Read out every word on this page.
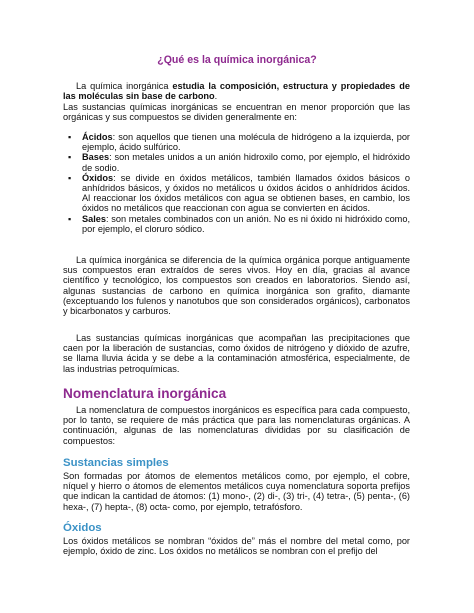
¿Qué es la química inorgánica?

La química inorgánica estudia la composición, estructura y propiedades de las moléculas sin base de carbono.

Las sustancias químicas inorgánicas se encuentran en menor proporción que las orgánicas y sus compuestos se dividen generalmente en:

▪ Ácidos: son aquellos que tienen una molécula de hidrógeno a la izquierda, por ejemplo, ácido sulfúrico.
▪ Bases: son metales unidos a un anión hidroxilo como, por ejemplo, el hidróxido de sodio.
▪ Óxidos: se divide en óxidos metálicos, también llamados óxidos básicos o anhídridos básicos, y óxidos no metálicos u óxidos ácidos o anhídridos ácidos. Al reaccionar los óxidos metálicos con agua se obtienen bases, en cambio, los óxidos no metálicos que reaccionan con agua se convierten en ácidos.
▪ Sales: son metales combinados con un anión. No es ni óxido ni hidróxido como, por ejemplo, el cloruro sódico.

La química inorgánica se diferencia de la química orgánica porque antiguamente sus compuestos eran extraídos de seres vivos. Hoy en día, gracias al avance científico y tecnológico, los compuestos son creados en laboratorios. Siendo así, algunas sustancias de carbono en química inorgánica son grafito, diamante (exceptuando los fulenos y nanotubos que son considerados orgánicos), carbonatos y bicarbonatos y carburos.

Las sustancias químicas inorgánicas que acompañan las precipitaciones que caen por la liberación de sustancias, como óxidos de nitrógeno y dióxido de azufre, se llama lluvia ácida y se debe a la contaminación atmosférica, especialmente, de las industrias petroquímicas.

Nomenclatura inorgánica

La nomenclatura de compuestos inorgánicos es específica para cada compuesto, por lo tanto, se requiere de más práctica que para las nomenclaturas orgánicas. A continuación, algunas de las nomenclaturas divididas por su clasificación de compuestos:

Sustancias simples

Son formadas por átomos de elementos metálicos como, por ejemplo, el cobre, níquel y hierro o átomos de elementos metálicos cuya nomenclatura soporta prefijos que indican la cantidad de átomos: (1) mono-, (2) di-, (3) tri-, (4) tetra-, (5) penta-, (6) hexa-, (7) hepta-, (8) octa- como, por ejemplo, tetrafósforo.

Óxidos

Los óxidos metálicos se nombran “óxidos de” más el nombre del metal como, por ejemplo, óxido de zinc. Los óxidos no metálicos se nombran con el prefijo del
